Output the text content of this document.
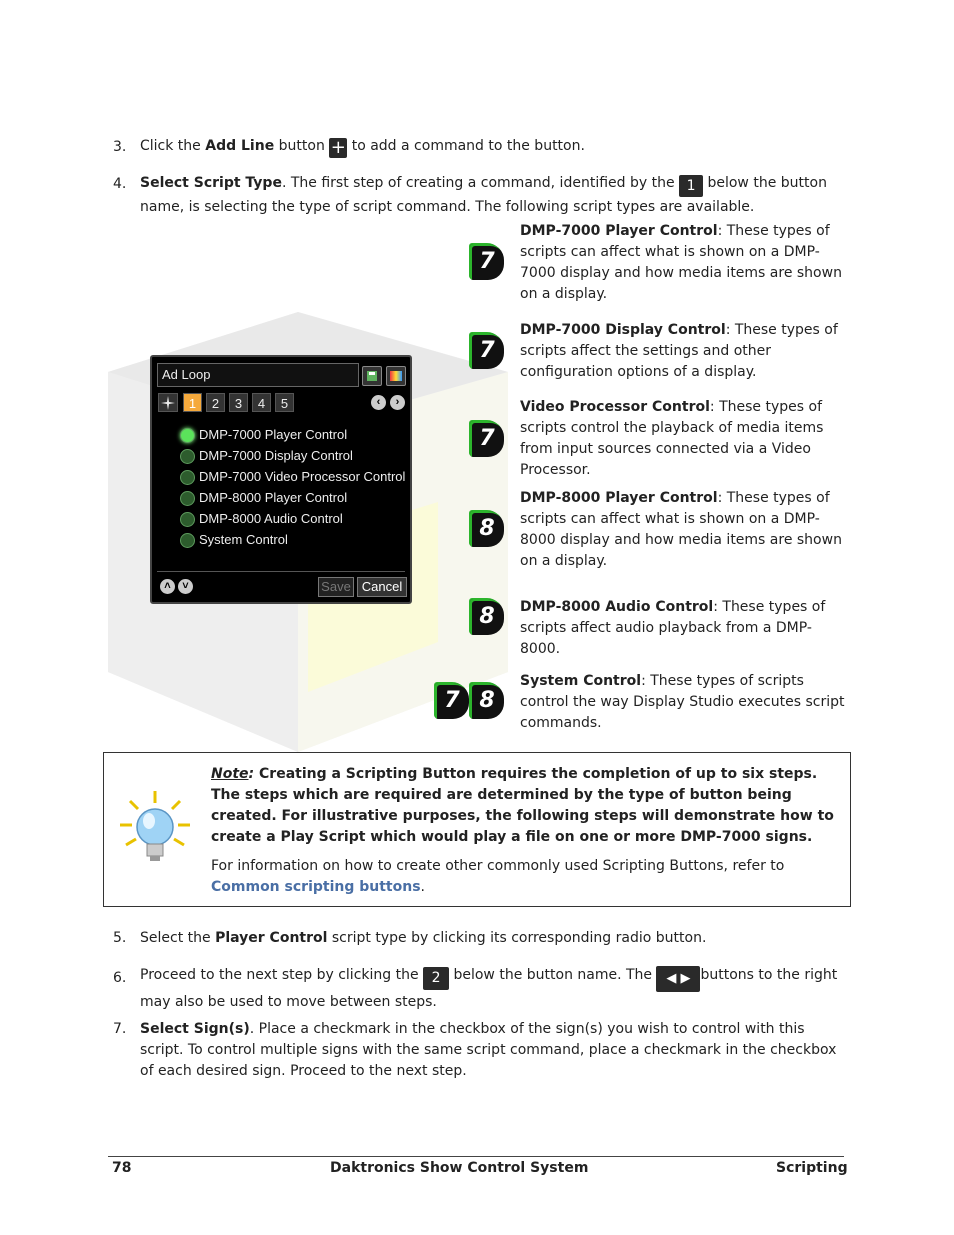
3. Click the Add Line button + to add a command to the button.
4. Select Script Type. The first step of creating a command, identified by the 1 below the button name, is selecting the type of script command. The following script types are available.
7
DMP-7000 Player Control: These types of scripts can affect what is shown on a DMP-7000 display and how media items are shown on a display.
7
DMP-7000 Display Control: These types of scripts affect the settings and other configuration options of a display.
7
Video Processor Control: These types of scripts control the playback of media items from input sources connected via a Video Processor.
8
DMP-8000 Player Control: These types of scripts can affect what is shown on a DMP-8000 display and how media items are shown on a display.
8	DMP-8000 Audio Control: These types of scripts affect audio playback from a DMP-8000.
7 8
System Control: These types of scripts control the way Display Studio executes script commands.
Ad Loop
1	2	3	4	5	‹	›
DMP-7000 Player Control
DMP-7000 Display Control
DMP-7000 Video Processor Control
DMP-8000 Player Control
DMP-8000 Audio Control
System Control
˄	˅	Save Cancel
Note: Creating a Scripting Button requires the completion of up to six steps. The steps which are required are determined by the type of button being created. For illustrative purposes, the following steps will demonstrate how to create a Play Script which would play a file on one or more DMP-7000 signs.
For information on how to create other commonly used Scripting Buttons, refer to Common scripting buttons.
5. Select the Player Control script type by clicking its corresponding radio button.
6. Proceed to the next step by clicking the 2 below the button name. The ◀ ▶ buttons to the right may also be used to move between steps.
7. Select Sign(s). Place a checkmark in the checkbox of the sign(s) you wish to control with this script. To control multiple signs with the same script command, place a checkmark in the checkbox of each desired sign. Proceed to the next step.
78	Daktronics Show Control System	Scripting
